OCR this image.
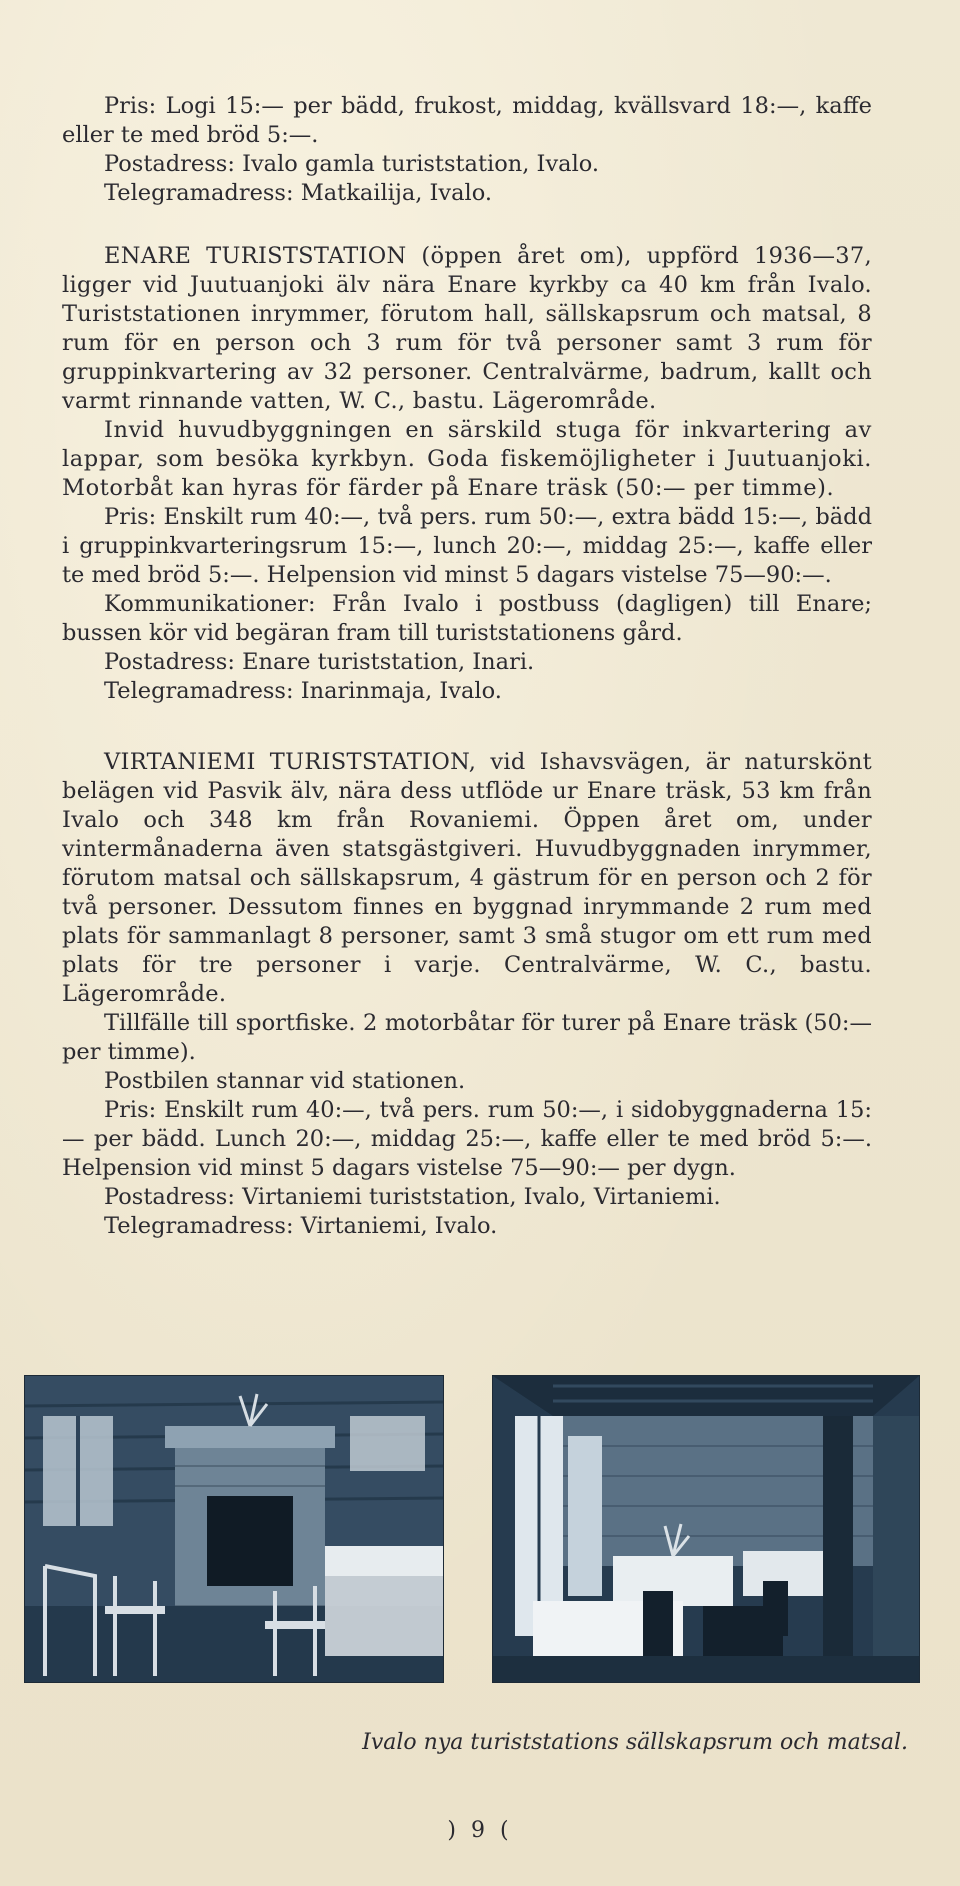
Pris: Logi 15:— per bädd, frukost, middag, kvällsvard 18:—, kaffe eller te med bröd 5:—.

Postadress: Ivalo gamla turiststation, Ivalo.

Telegramadress: Matkailija, Ivalo.

ENARE TURISTSTATION (öppen året om), uppförd 1936—37, ligger vid Juutuanjoki älv nära Enare kyrkby ca 40 km från Ivalo. Turiststationen inrymmer, förutom hall, sällskapsrum och matsal, 8 rum för en person och 3 rum för två personer samt 3 rum för gruppinkvartering av 32 personer. Centralvärme, badrum, kallt och varmt rinnande vatten, W. C., bastu. Lägerområde.

Invid huvudbyggningen en särskild stuga för inkvartering av lappar, som besöka kyrkbyn. Goda fiskemöjligheter i Juutuanjoki. Motorbåt kan hyras för färder på Enare träsk (50:— per timme).

Pris: Enskilt rum 40:—, två pers. rum 50:—, extra bädd 15:—, bädd i gruppinkvarteringsrum 15:—, lunch 20:—, middag 25:—, kaffe eller te med bröd 5:—. Helpension vid minst 5 dagars vistelse 75—90:—.

Kommunikationer: Från Ivalo i postbuss (dagligen) till Enare; bussen kör vid begäran fram till turiststationens gård.

Postadress: Enare turiststation, Inari.

Telegramadress: Inarinmaja, Ivalo.

VIRTANIEMI TURISTSTATION, vid Ishavsvägen, är naturskönt belägen vid Pasvik älv, nära dess utflöde ur Enare träsk, 53 km från Ivalo och 348 km från Rovaniemi. Öppen året om, under vintermånaderna även statsgästgiveri. Huvudbyggnaden inrymmer, förutom matsal och sällskapsrum, 4 gästrum för en person och 2 för två personer. Dessutom finnes en byggnad inrymmande 2 rum med plats för sammanlagt 8 personer, samt 3 små stugor om ett rum med plats för tre personer i varje. Centralvärme, W. C., bastu. Lägerområde.

Tillfälle till sportfiske. 2 motorbåtar för turer på Enare träsk (50:— per timme).

Postbilen stannar vid stationen.

Pris: Enskilt rum 40:—, två pers. rum 50:—, i sidobyggnaderna 15:— per bädd. Lunch 20:—, middag 25:—, kaffe eller te med bröd 5:—. Helpension vid minst 5 dagars vistelse 75—90:— per dygn.

Postadress: Virtaniemi turiststation, Ivalo, Virtaniemi.

Telegramadress: Virtaniemi, Ivalo.

Ivalo nya turiststations sällskapsrum och matsal.
) 9 (
